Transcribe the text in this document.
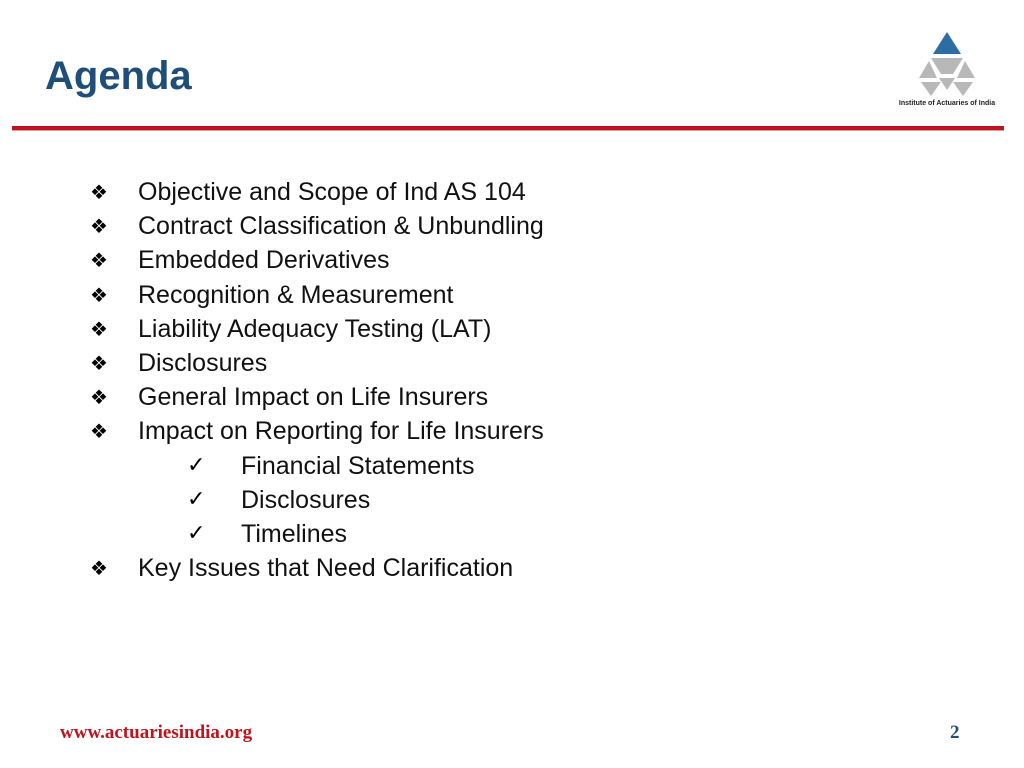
Agenda
Institute of Actuaries of India
❖ Objective and Scope of Ind AS 104
❖ Contract Classification & Unbundling
❖ Embedded Derivatives
❖ Recognition & Measurement
❖ Liability Adequacy Testing (LAT)
❖ Disclosures
❖ General Impact on Life Insurers
❖ Impact on Reporting for Life Insurers
✓ Financial Statements
✓ Disclosures
✓ Timelines
❖ Key Issues that Need Clarification
www.actuariesindia.org	2
